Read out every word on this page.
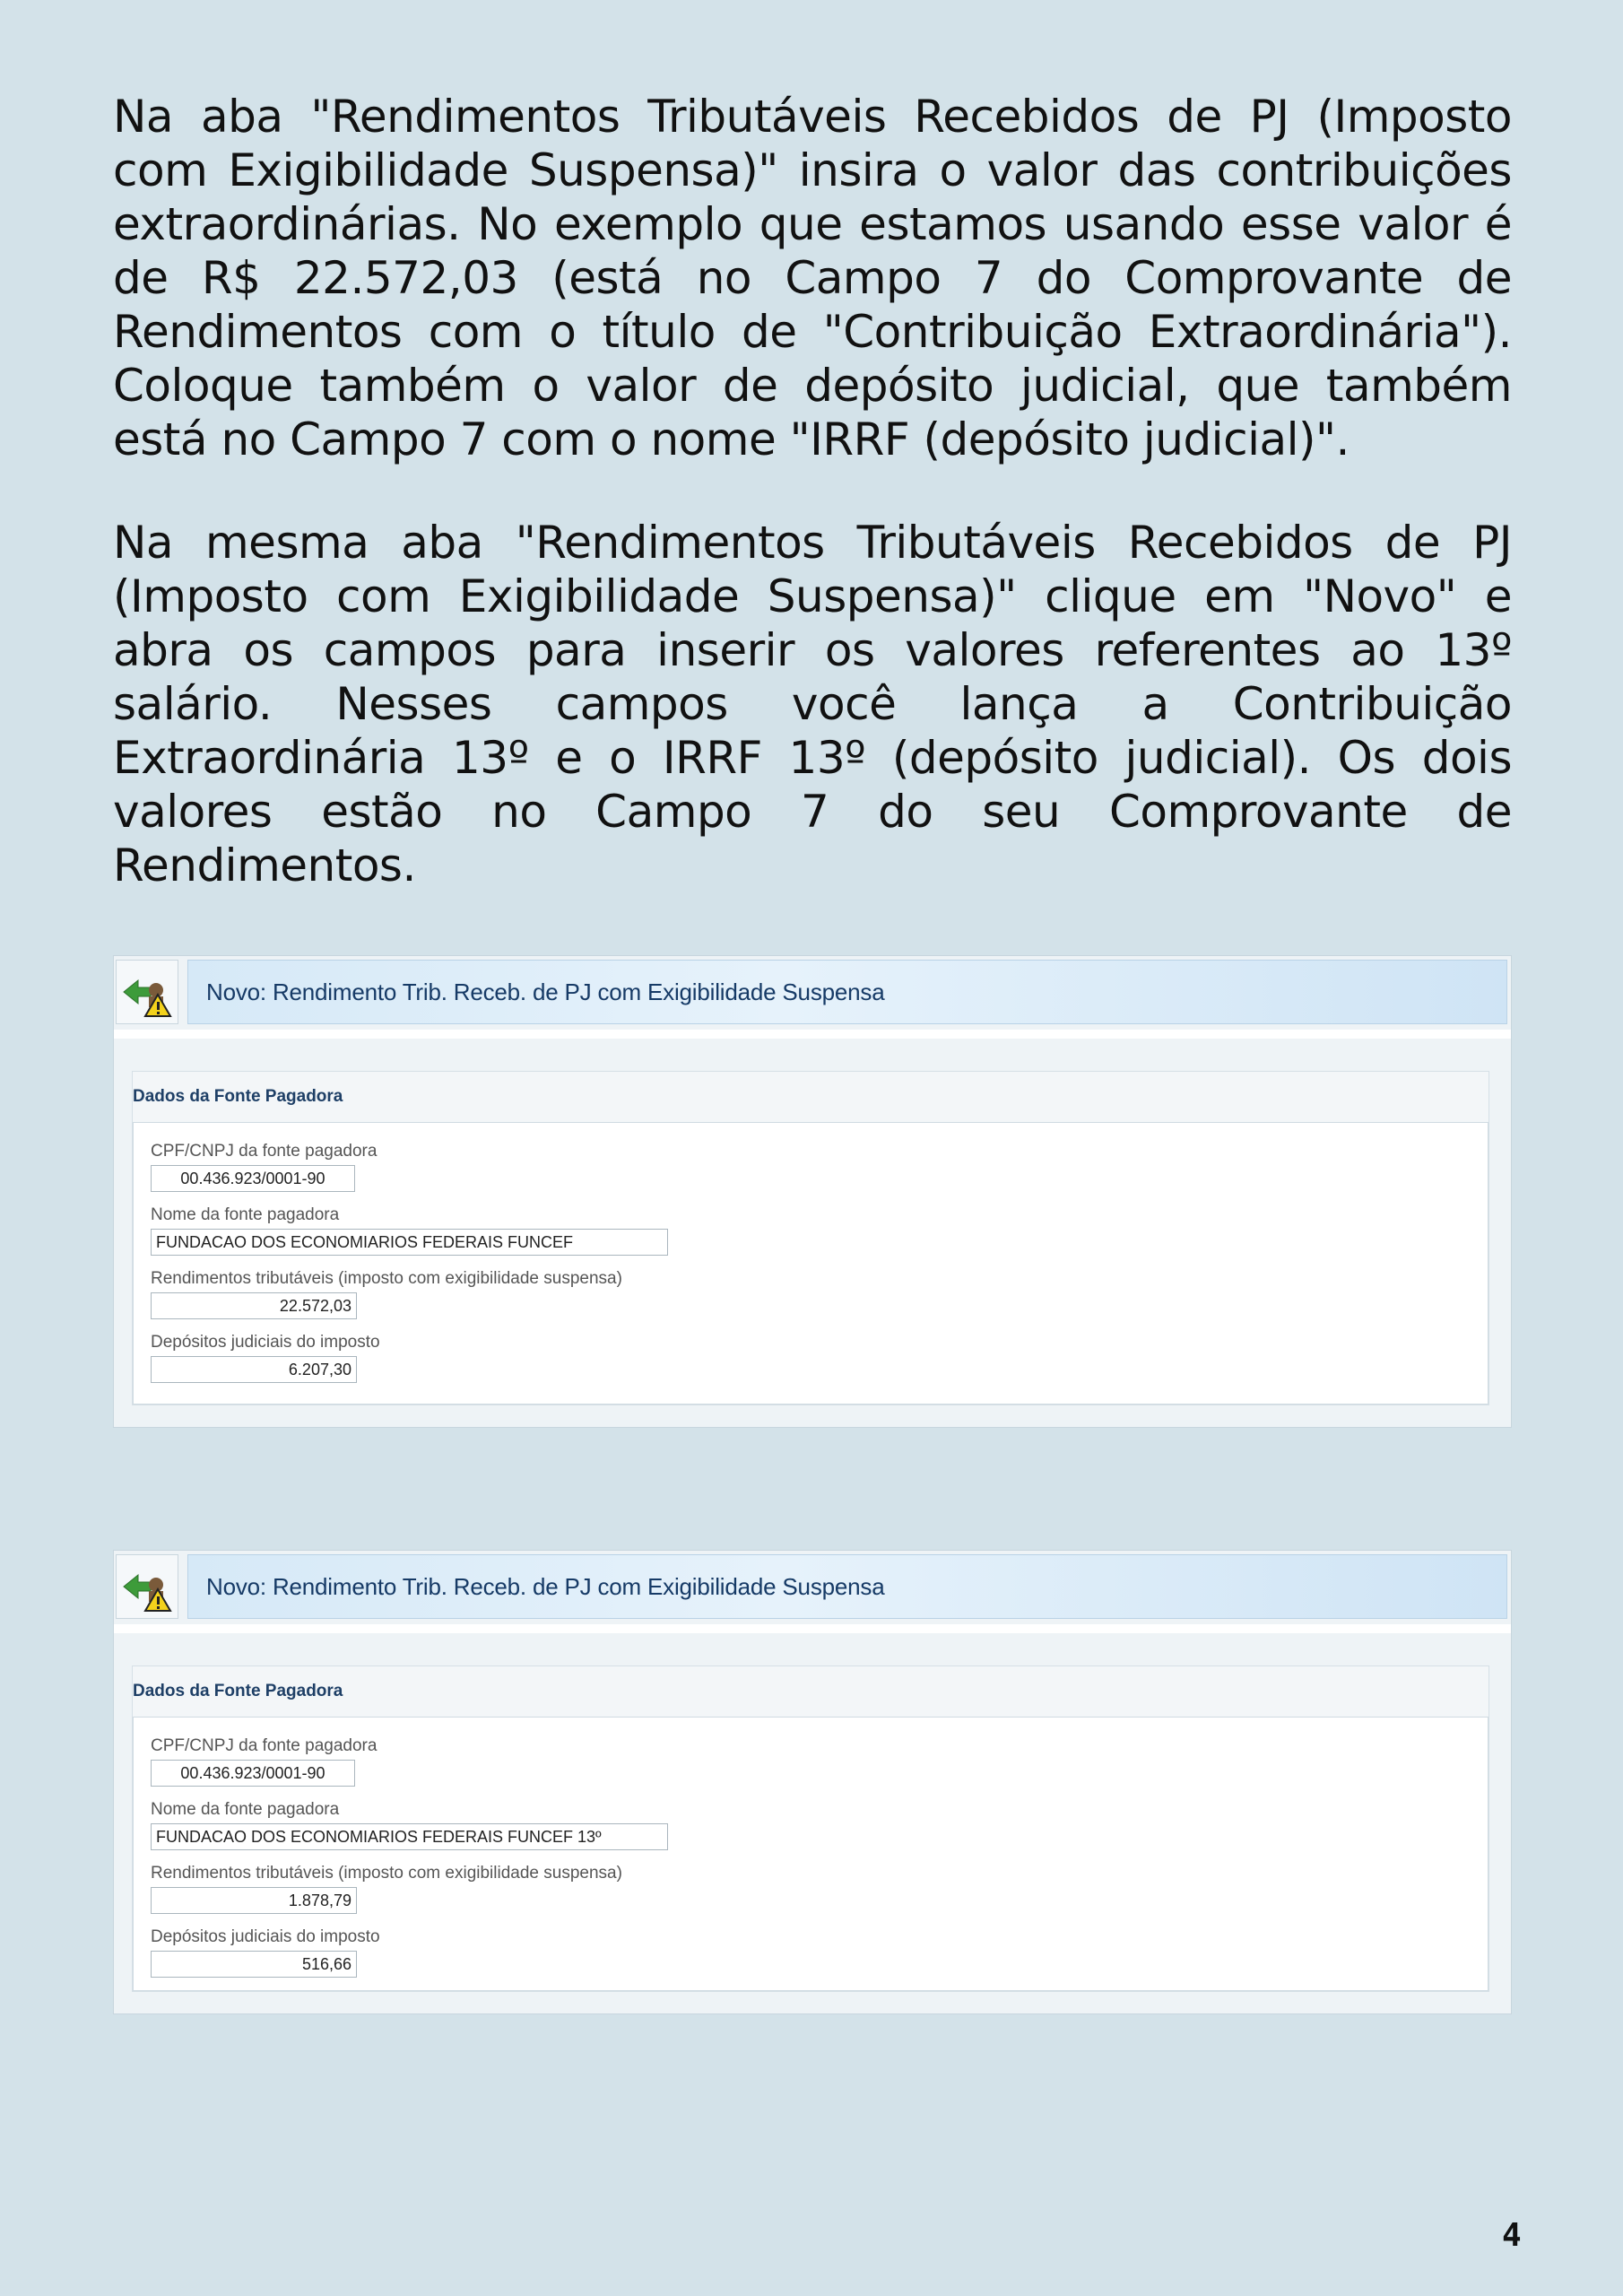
Na aba "Rendimentos Tributáveis Recebidos de PJ (Imposto com Exigibilidade Suspensa)" insira o valor das contribuições extraordinárias. No exemplo que estamos usando esse valor é de R$ 22.572,03 (está no Campo 7 do Comprovante de Rendimentos com o título de "Contribuição Extraordinária"). Coloque também o valor de depósito judicial, que também está no Campo 7 com o nome "IRRF (depósito judicial)".

Na mesma aba "Rendimentos Tributáveis Recebidos de PJ (Imposto com Exigibilidade Suspensa)" clique em "Novo" e abra os campos para inserir os valores referentes ao 13º salário. Nesses campos você lança a Contribuição Extraordinária 13º e o IRRF 13º (depósito judicial). Os dois valores estão no Campo 7 do seu Comprovante de Rendimentos.

Novo: Rendimento Trib. Receb. de PJ com Exigibilidade Suspensa
Dados da Fonte Pagadora
CPF/CNPJ da fonte pagadora
00.436.923/0001-90
Nome da fonte pagadora
FUNDACAO DOS ECONOMIARIOS FEDERAIS FUNCEF
Rendimentos tributáveis (imposto com exigibilidade suspensa)
22.572,03
Depósitos judiciais do imposto
6.207,30
Novo: Rendimento Trib. Receb. de PJ com Exigibilidade Suspensa
Dados da Fonte Pagadora
CPF/CNPJ da fonte pagadora
00.436.923/0001-90
Nome da fonte pagadora
FUNDACAO DOS ECONOMIARIOS FEDERAIS FUNCEF 13º
Rendimentos tributáveis (imposto com exigibilidade suspensa)
1.878,79
Depósitos judiciais do imposto
516,66
4
